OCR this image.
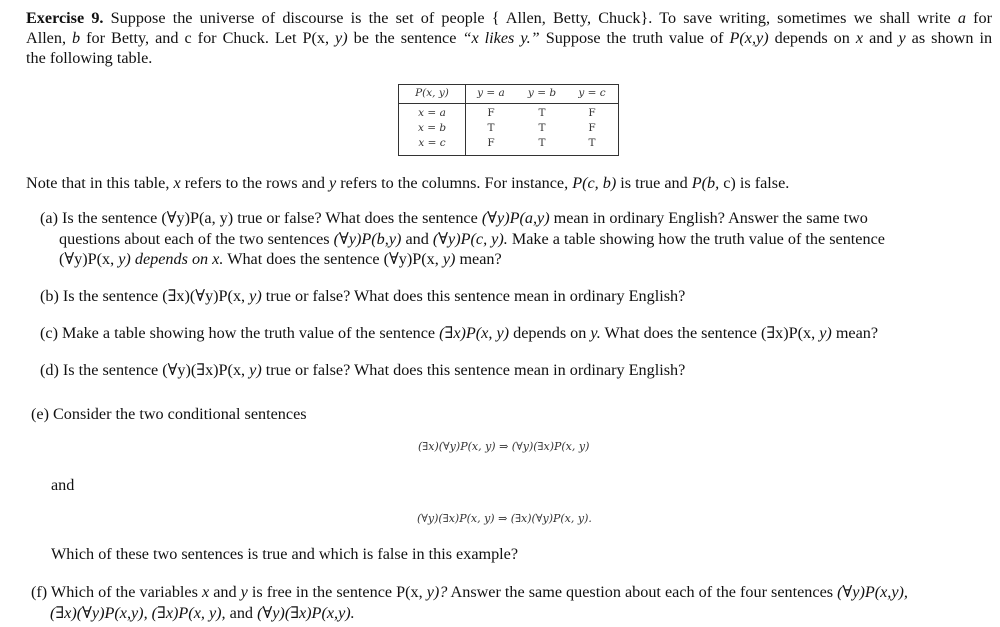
Exercise 9. Suppose the universe of discourse is the set of people { Allen, Betty, Chuck}. To save writing, sometimes we shall write a for
Allen, b for Betty, and c for Chuck. Let P(x, y) be the sentence “x likes y.” Suppose the truth value of P(x,y) depends on x and y as shown in
the following table.
P(x, y)	y = a	y = b	y = c
x = a	F	T	F
x = b	T	T	F
x = c	F	T	T
Note that in this table, x refers to the rows and y refers to the columns. For instance, P(c, b) is true and P(b, c) is false.
(a) Is the sentence (∀y)P(a, y) true or false? What does the sentence (∀y)P(a,y) mean in ordinary English? Answer the same two
questions about each of the two sentences (∀y)P(b,y) and (∀y)P(c, y). Make a table showing how the truth value of the sentence
(∀y)P(x, y) depends on x. What does the sentence (∀y)P(x, y) mean?
(b) Is the sentence (∃x)(∀y)P(x, y) true or false? What does this sentence mean in ordinary English?
(c) Make a table showing how the truth value of the sentence (∃x)P(x, y) depends on y. What does the sentence (∃x)P(x, y) mean?
(d) Is the sentence (∀y)(∃x)P(x, y) true or false? What does this sentence mean in ordinary English?
(e) Consider the two conditional sentences
(∃x)(∀y)P(x, y) ⇒ (∀y)(∃x)P(x, y)
and
(∀y)(∃x)P(x, y) ⇒ (∃x)(∀y)P(x, y).
Which of these two sentences is true and which is false in this example?
(f) Which of the variables x and y is free in the sentence P(x, y)? Answer the same question about each of the four sentences (∀y)P(x,y),
(∃x)(∀y)P(x,y), (∃x)P(x, y), and (∀y)(∃x)P(x,y).
